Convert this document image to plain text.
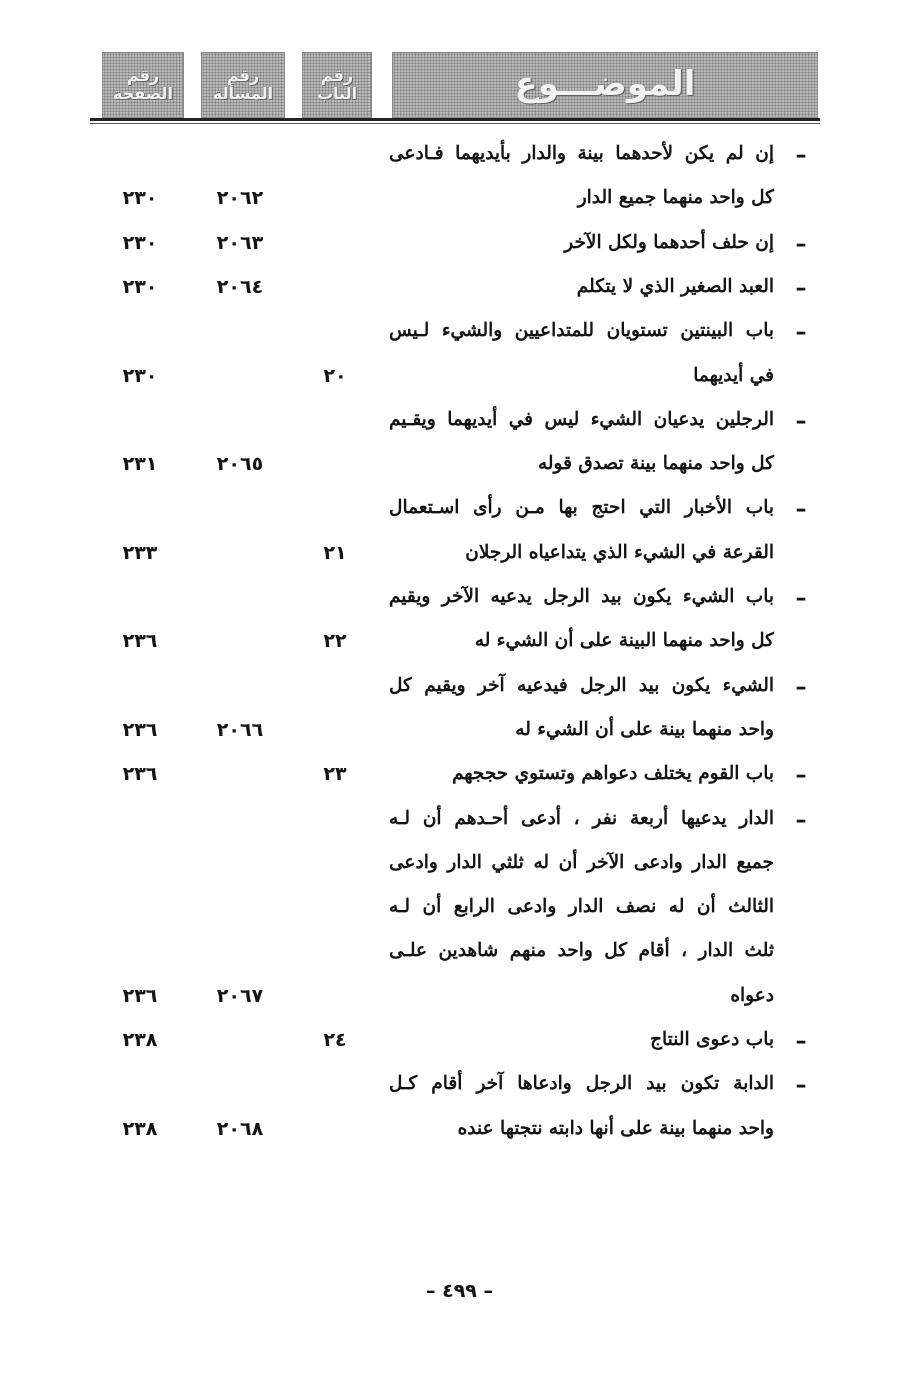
رقم
الصفحة
رقم
المسألة
رقم
الباب	الموضـــوع
–
إن لم يكن لأحدهما بينة والدار بأيديهما فـادعى
كل واحد منهما جميع الدار
٢٠٦٢
٢٣٠
–
إن حلف أحدهما ولكل الآخر
٢٠٦٣
٢٣٠
–
العبد الصغير الذي لا يتكلم
٢٠٦٤
٢٣٠
–
باب البينتين تستويان للمتداعيين والشيء لـيس
في أيديهما
٢٠
٢٣٠
–
الرجلين يدعيان الشيء ليس في أيديهما ويقـيم
كل واحد منهما بينة تصدق قوله
٢٠٦٥
٢٣١
–
باب الأخبار التي احتج بها مـن رأى اسـتعمال
القرعة في الشيء الذي يتداعياه الرجلان
٢١
٢٣٣
–
باب الشيء يكون بيد الرجل يدعيه الآخر ويقيم
كل واحد منهما البينة على أن الشيء له
٢٢
٢٣٦
–
الشيء يكون بيد الرجل فيدعيه آخر ويقيم كل
واحد منهما بينة على أن الشيء له
٢٠٦٦
٢٣٦
–
باب القوم يختلف دعواهم وتستوي حججهم
٢٣
٢٣٦
–
الدار يدعيها أربعة نفر ، أدعى أحـدهم أن لـه
جميع الدار وادعى الآخر أن له ثلثي الدار وادعى
الثالث أن له نصف الدار وادعى الرابع أن لـه
ثلث الدار ، أقام كل واحد منهم شاهدين علـى
دعواه
٢٠٦٧
٢٣٦
–
باب دعوى النتاج
٢٤
٢٣٨
–
الدابة تكون بيد الرجل وادعاها آخر أقام كـل
واحد منهما بينة على أنها دابته نتجتها عنده
٢٠٦٨
٢٣٨
– ٤٩٩ –
